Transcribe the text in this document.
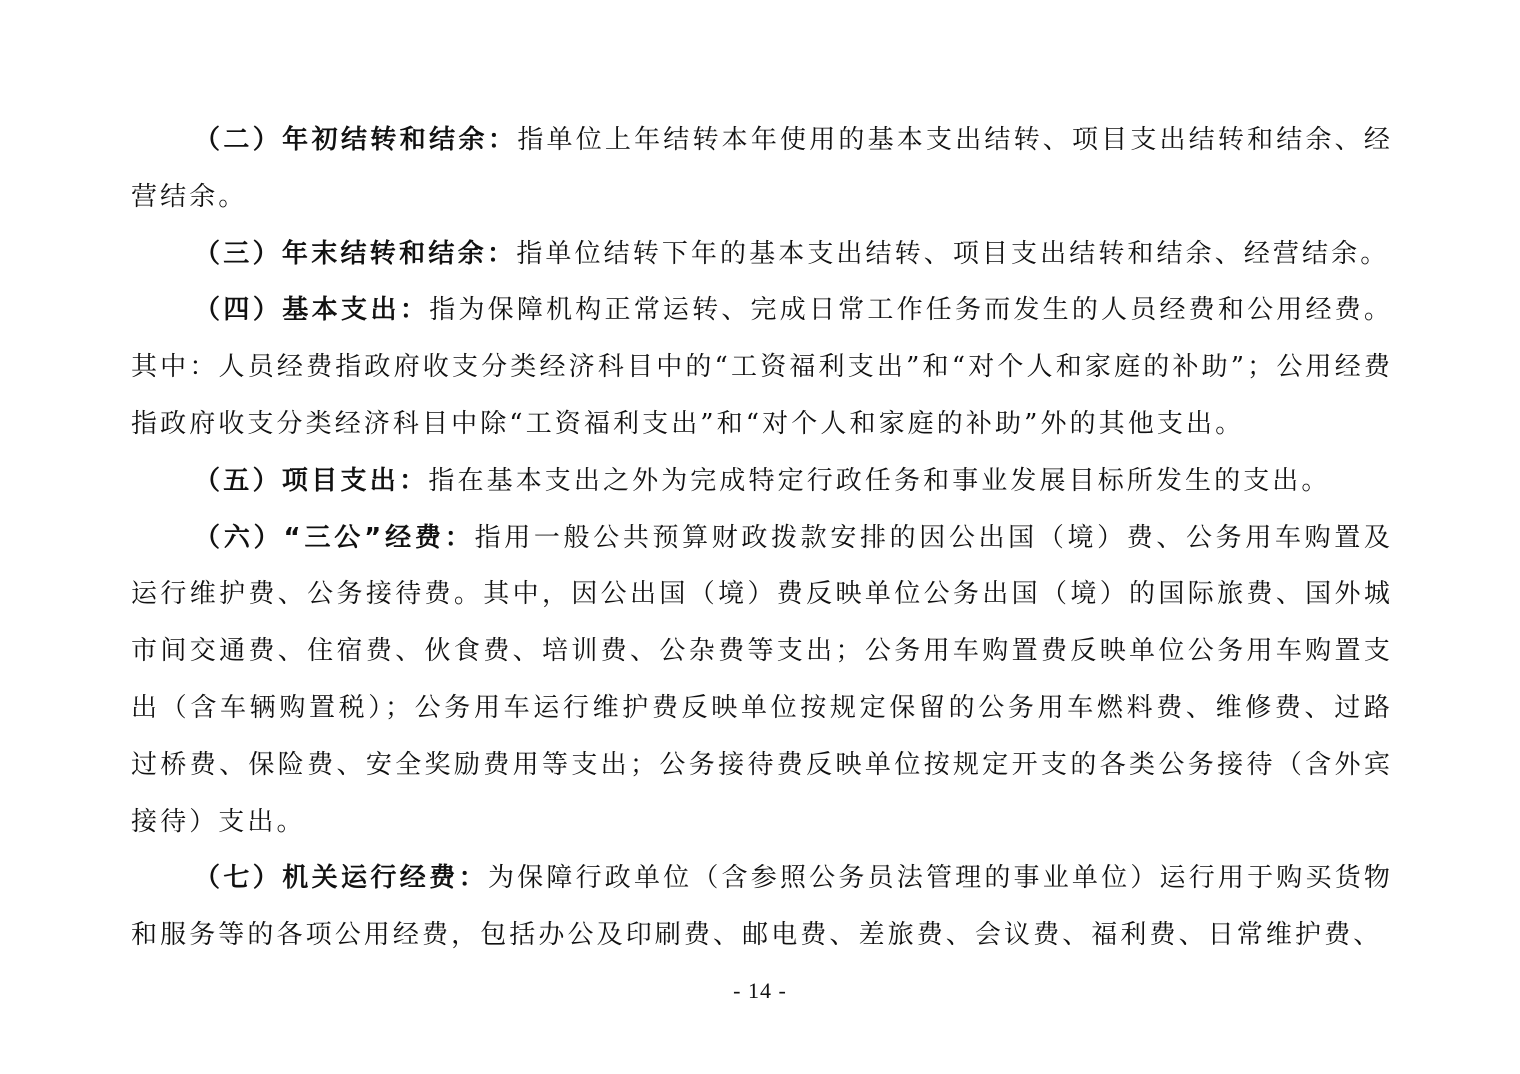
（二）年初结转和结余：指单位上年结转本年使用的基本支出结转、项目支出结转和结余、经营结余。

（三）年末结转和结余：指单位结转下年的基本支出结转、项目支出结转和结余、经营结余。

（四）基本支出：指为保障机构正常运转、完成日常工作任务而发生的人员经费和公用经费。其中：人员经费指政府收支分类经济科目中的“工资福利支出”和“对个人和家庭的补助”；公用经费指政府收支分类经济科目中除“工资福利支出”和“对个人和家庭的补助”外的其他支出。

（五）项目支出：指在基本支出之外为完成特定行政任务和事业发展目标所发生的支出。

（六）“三公”经费：指用一般公共预算财政拨款安排的因公出国（境）费、公务用车购置及运行维护费、公务接待费。其中，因公出国（境）费反映单位公务出国（境）的国际旅费、国外城市间交通费、住宿费、伙食费、培训费、公杂费等支出；公务用车购置费反映单位公务用车购置支出（含车辆购置税）；公务用车运行维护费反映单位按规定保留的公务用车燃料费、维修费、过路过桥费、保险费、安全奖励费用等支出；公务接待费反映单位按规定开支的各类公务接待（含外宾接待）支出。

（七）机关运行经费：为保障行政单位（含参照公务员法管理的事业单位）运行用于购买货物和服务等的各项公用经费，包括办公及印刷费、邮电费、差旅费、会议费、福利费、日常维护费、

- 14 -
